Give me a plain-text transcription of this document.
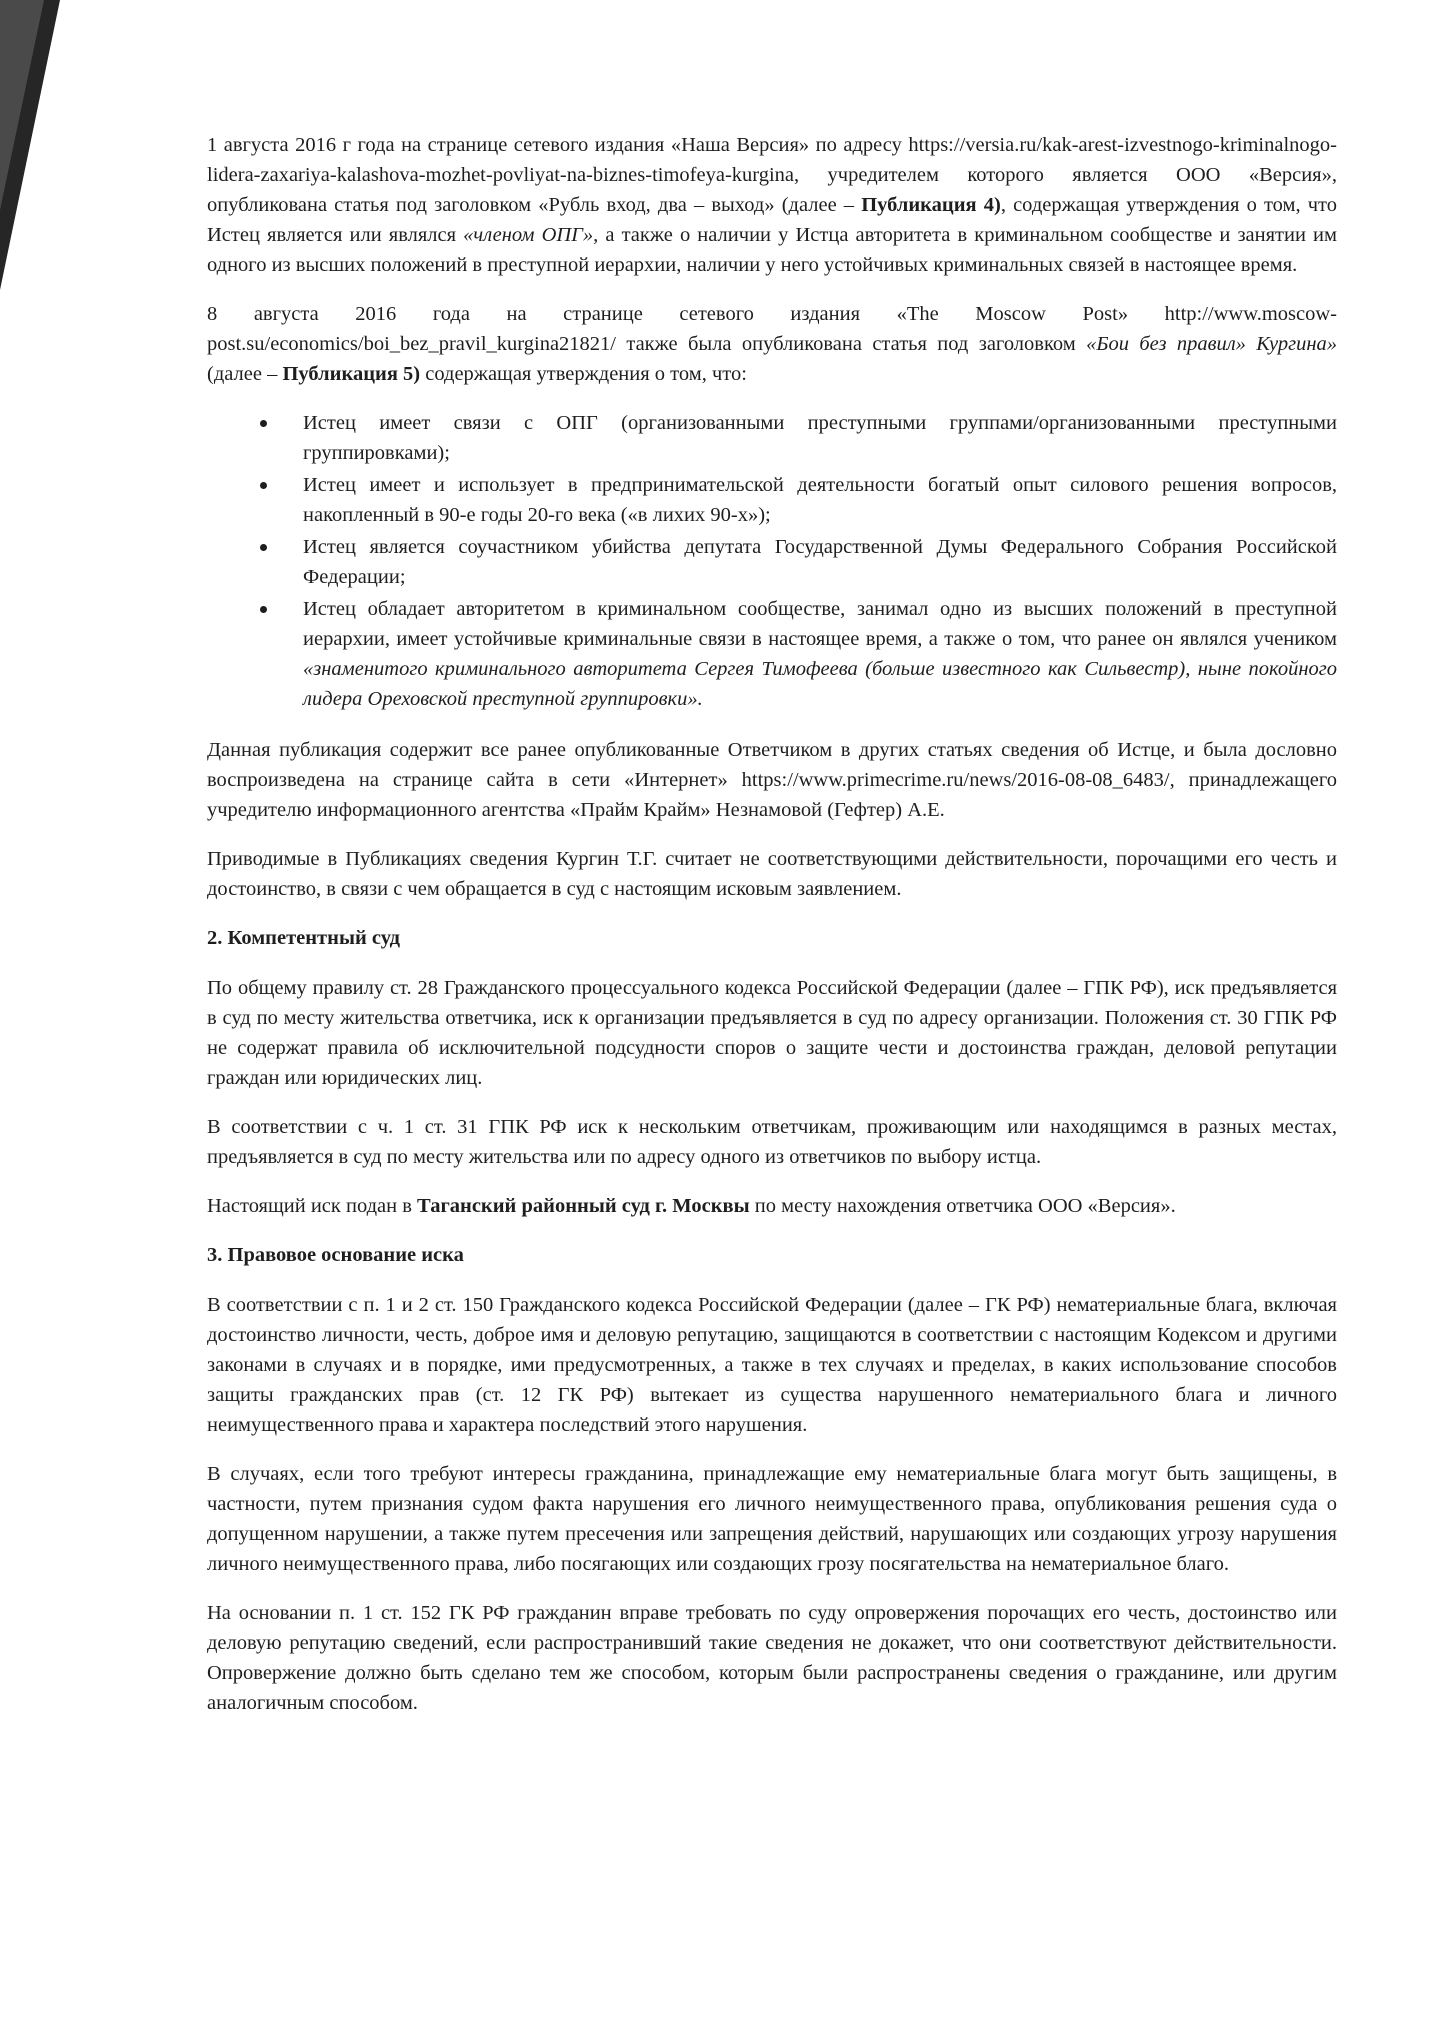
1 августа 2016 г года на странице сетевого издания «Наша Версия» по адресу https://versia.ru/kak-arest-izvestnogo-kriminalnogo-lidera-zaxariya-kalashova-mozhet-povliyat-na-biznes-timofeya-kurgina, учредителем которого является ООО «Версия», опубликована статья под заголовком «Рубль вход, два – выход» (далее – Публикация 4), содержащая утверждения о том, что Истец является или являлся «членом ОПГ», а также о наличии у Истца авторитета в криминальном сообществе и занятии им одного из высших положений в преступной иерархии, наличии у него устойчивых криминальных связей в настоящее время.

8 августа 2016 года на странице сетевого издания «The Moscow Post» http://www.moscow-post.su/economics/boi_bez_pravil_kurgina21821/ также была опубликована статья под заголовком «Бои без правил» Кургина» (далее – Публикация 5) содержащая утверждения о том, что:

Истец имеет связи с ОПГ (организованными преступными группами/организованными преступными группировками);
Истец имеет и использует в предпринимательской деятельности богатый опыт силового решения вопросов, накопленный в 90-е годы 20-го века («в лихих 90-х»);
Истец является соучастником убийства депутата Государственной Думы Федерального Собрания Российской Федерации;
Истец обладает авторитетом в криминальном сообществе, занимал одно из высших положений в преступной иерархии, имеет устойчивые криминальные связи в настоящее время, а также о том, что ранее он являлся учеником «знаменитого криминального авторитета Сергея Тимофеева (больше известного как Сильвестр), ныне покойного лидера Ореховской преступной группировки».

Данная публикация содержит все ранее опубликованные Ответчиком в других статьях сведения об Истце, и была дословно воспроизведена на странице сайта в сети «Интернет» https://www.primecrime.ru/news/2016-08-08_6483/, принадлежащего учредителю информационного агентства «Прайм Крайм» Незнамовой (Гефтер) А.Е.

Приводимые в Публикациях сведения Кургин Т.Г. считает не соответствующими действительности, порочащими его честь и достоинство, в связи с чем обращается в суд с настоящим исковым заявлением.

2. Компетентный суд

По общему правилу ст. 28 Гражданского процессуального кодекса Российской Федерации (далее – ГПК РФ), иск предъявляется в суд по месту жительства ответчика, иск к организации предъявляется в суд по адресу организации. Положения ст. 30 ГПК РФ не содержат правила об исключительной подсудности споров о защите чести и достоинства граждан, деловой репутации граждан или юридических лиц.

В соответствии с ч. 1 ст. 31 ГПК РФ иск к нескольким ответчикам, проживающим или находящимся в разных местах, предъявляется в суд по месту жительства или по адресу одного из ответчиков по выбору истца.

Настоящий иск подан в Таганский районный суд г. Москвы по месту нахождения ответчика ООО «Версия».

3. Правовое основание иска

В соответствии с п. 1 и 2 ст. 150 Гражданского кодекса Российской Федерации (далее – ГК РФ) нематериальные блага, включая достоинство личности, честь, доброе имя и деловую репутацию, защищаются в соответствии с настоящим Кодексом и другими законами в случаях и в порядке, ими предусмотренных, а также в тех случаях и пределах, в каких использование способов защиты гражданских прав (ст. 12 ГК РФ) вытекает из существа нарушенного нематериального блага и личного неимущественного права и характера последствий этого нарушения.

В случаях, если того требуют интересы гражданина, принадлежащие ему нематериальные блага могут быть защищены, в частности, путем признания судом факта нарушения его личного неимущественного права, опубликования решения суда о допущенном нарушении, а также путем пресечения или запрещения действий, нарушающих или создающих угрозу нарушения личного неимущественного права, либо посягающих или создающих грозу посягательства на нематериальное благо.

На основании п. 1 ст. 152 ГК РФ гражданин вправе требовать по суду опровержения порочащих его честь, достоинство или деловую репутацию сведений, если распространивший такие сведения не докажет, что они соответствуют действительности. Опровержение должно быть сделано тем же способом, которым были распространены сведения о гражданине, или другим аналогичным способом.
